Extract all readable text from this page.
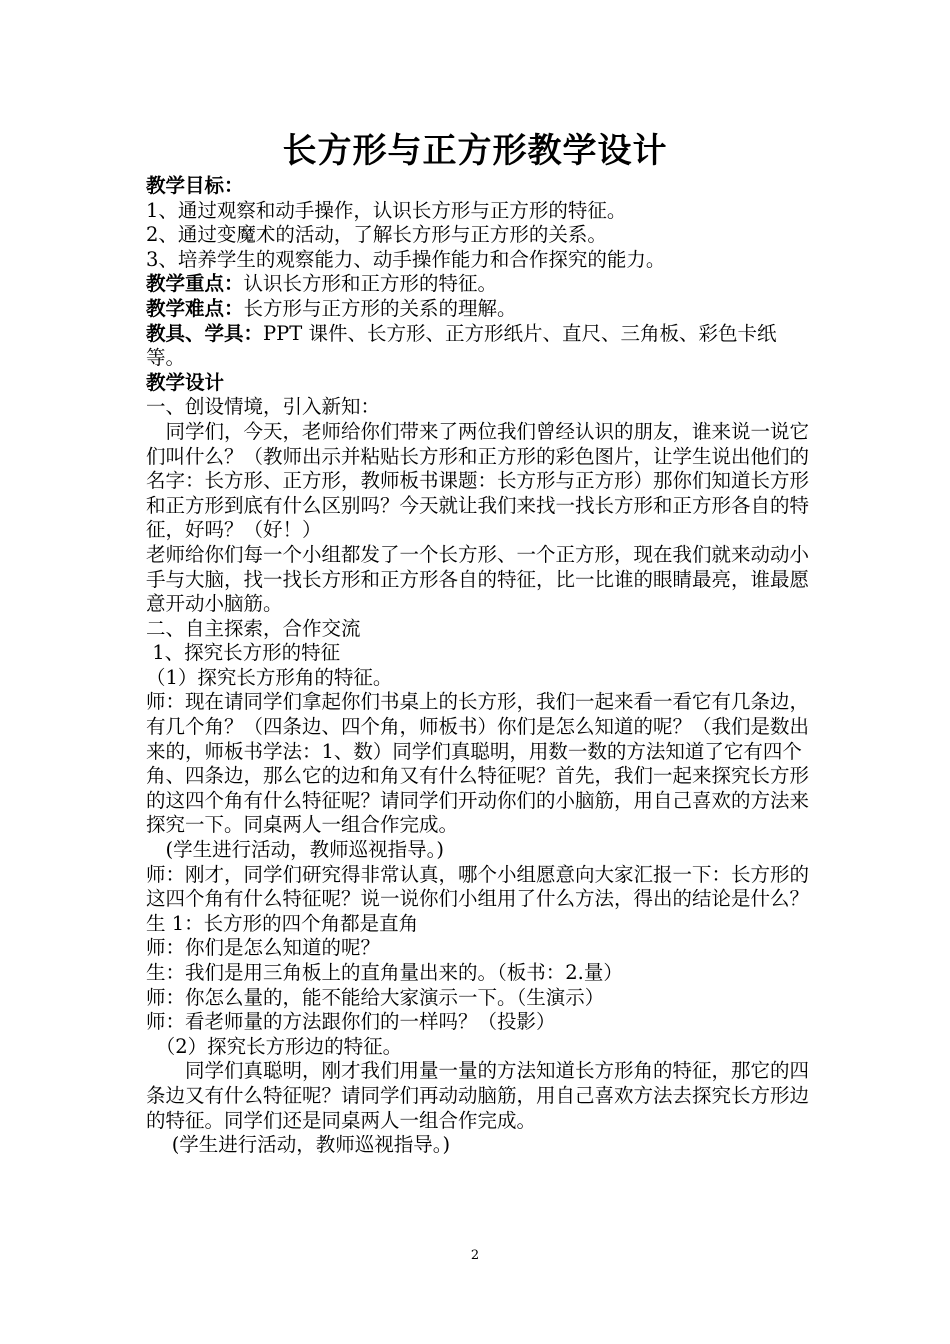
长方形与正方形教学设计

教学目标：

1、通过观察和动手操作，认识长方形与正方形的特征。

2、通过变魔术的活动，了解长方形与正方形的关系。

3、培养学生的观察能力、动手操作能力和合作探究的能力。

教学重点：认识长方形和正方形的特征。

教学难点：长方形与正方形的关系的理解。

教具、学具：PPT 课件、长方形、正方形纸片、直尺、三角板、彩色卡纸等。

教学设计

一、创设情境，引入新知：

　同学们，今天，老师给你们带来了两位我们曾经认识的朋友，谁来说一说它们叫什么？（教师出示并粘贴长方形和正方形的彩色图片，让学生说出他们的名字：长方形、正方形，教师板书课题：长方形与正方形）那你们知道长方形和正方形到底有什么区别吗？今天就让我们来找一找长方形和正方形各自的特征，好吗？（好！）

老师给你们每一个小组都发了一个长方形、一个正方形，现在我们就来动动小手与大脑，找一找长方形和正方形各自的特征，比一比谁的眼睛最亮，谁最愿意开动小脑筋。

二、自主探索，合作交流

1、探究长方形的特征

（1）探究长方形角的特征。

师：现在请同学们拿起你们书桌上的长方形，我们一起来看一看它有几条边，有几个角？（四条边、四个角，师板书）你们是怎么知道的呢？（我们是数出来的，师板书学法：1、数）同学们真聪明，用数一数的方法知道了它有四个角、四条边，那么它的边和角又有什么特征呢？首先，我们一起来探究长方形的这四个角有什么特征呢？请同学们开动你们的小脑筋，用自己喜欢的方法来探究一下。同桌两人一组合作完成。

　(学生进行活动，教师巡视指导。)

师：刚才，同学们研究得非常认真，哪个小组愿意向大家汇报一下：长方形的这四个角有什么特征呢？说一说你们小组用了什么方法，得出的结论是什么？

生 1：长方形的四个角都是直角

师：你们是怎么知道的呢？

生：我们是用三角板上的直角量出来的。（板书：2.量）

师：你怎么量的，能不能给大家演示一下。（生演示）

师：看老师量的方法跟你们的一样吗？（投影）

　（2）探究长方形边的特征。

　　同学们真聪明，刚才我们用量一量的方法知道长方形角的特征，那它的四条边又有什么特征呢？请同学们再动动脑筋，用自己喜欢方法去探究长方形边的特征。同学们还是同桌两人一组合作完成。

　 (学生进行活动，教师巡视指导。)

2
